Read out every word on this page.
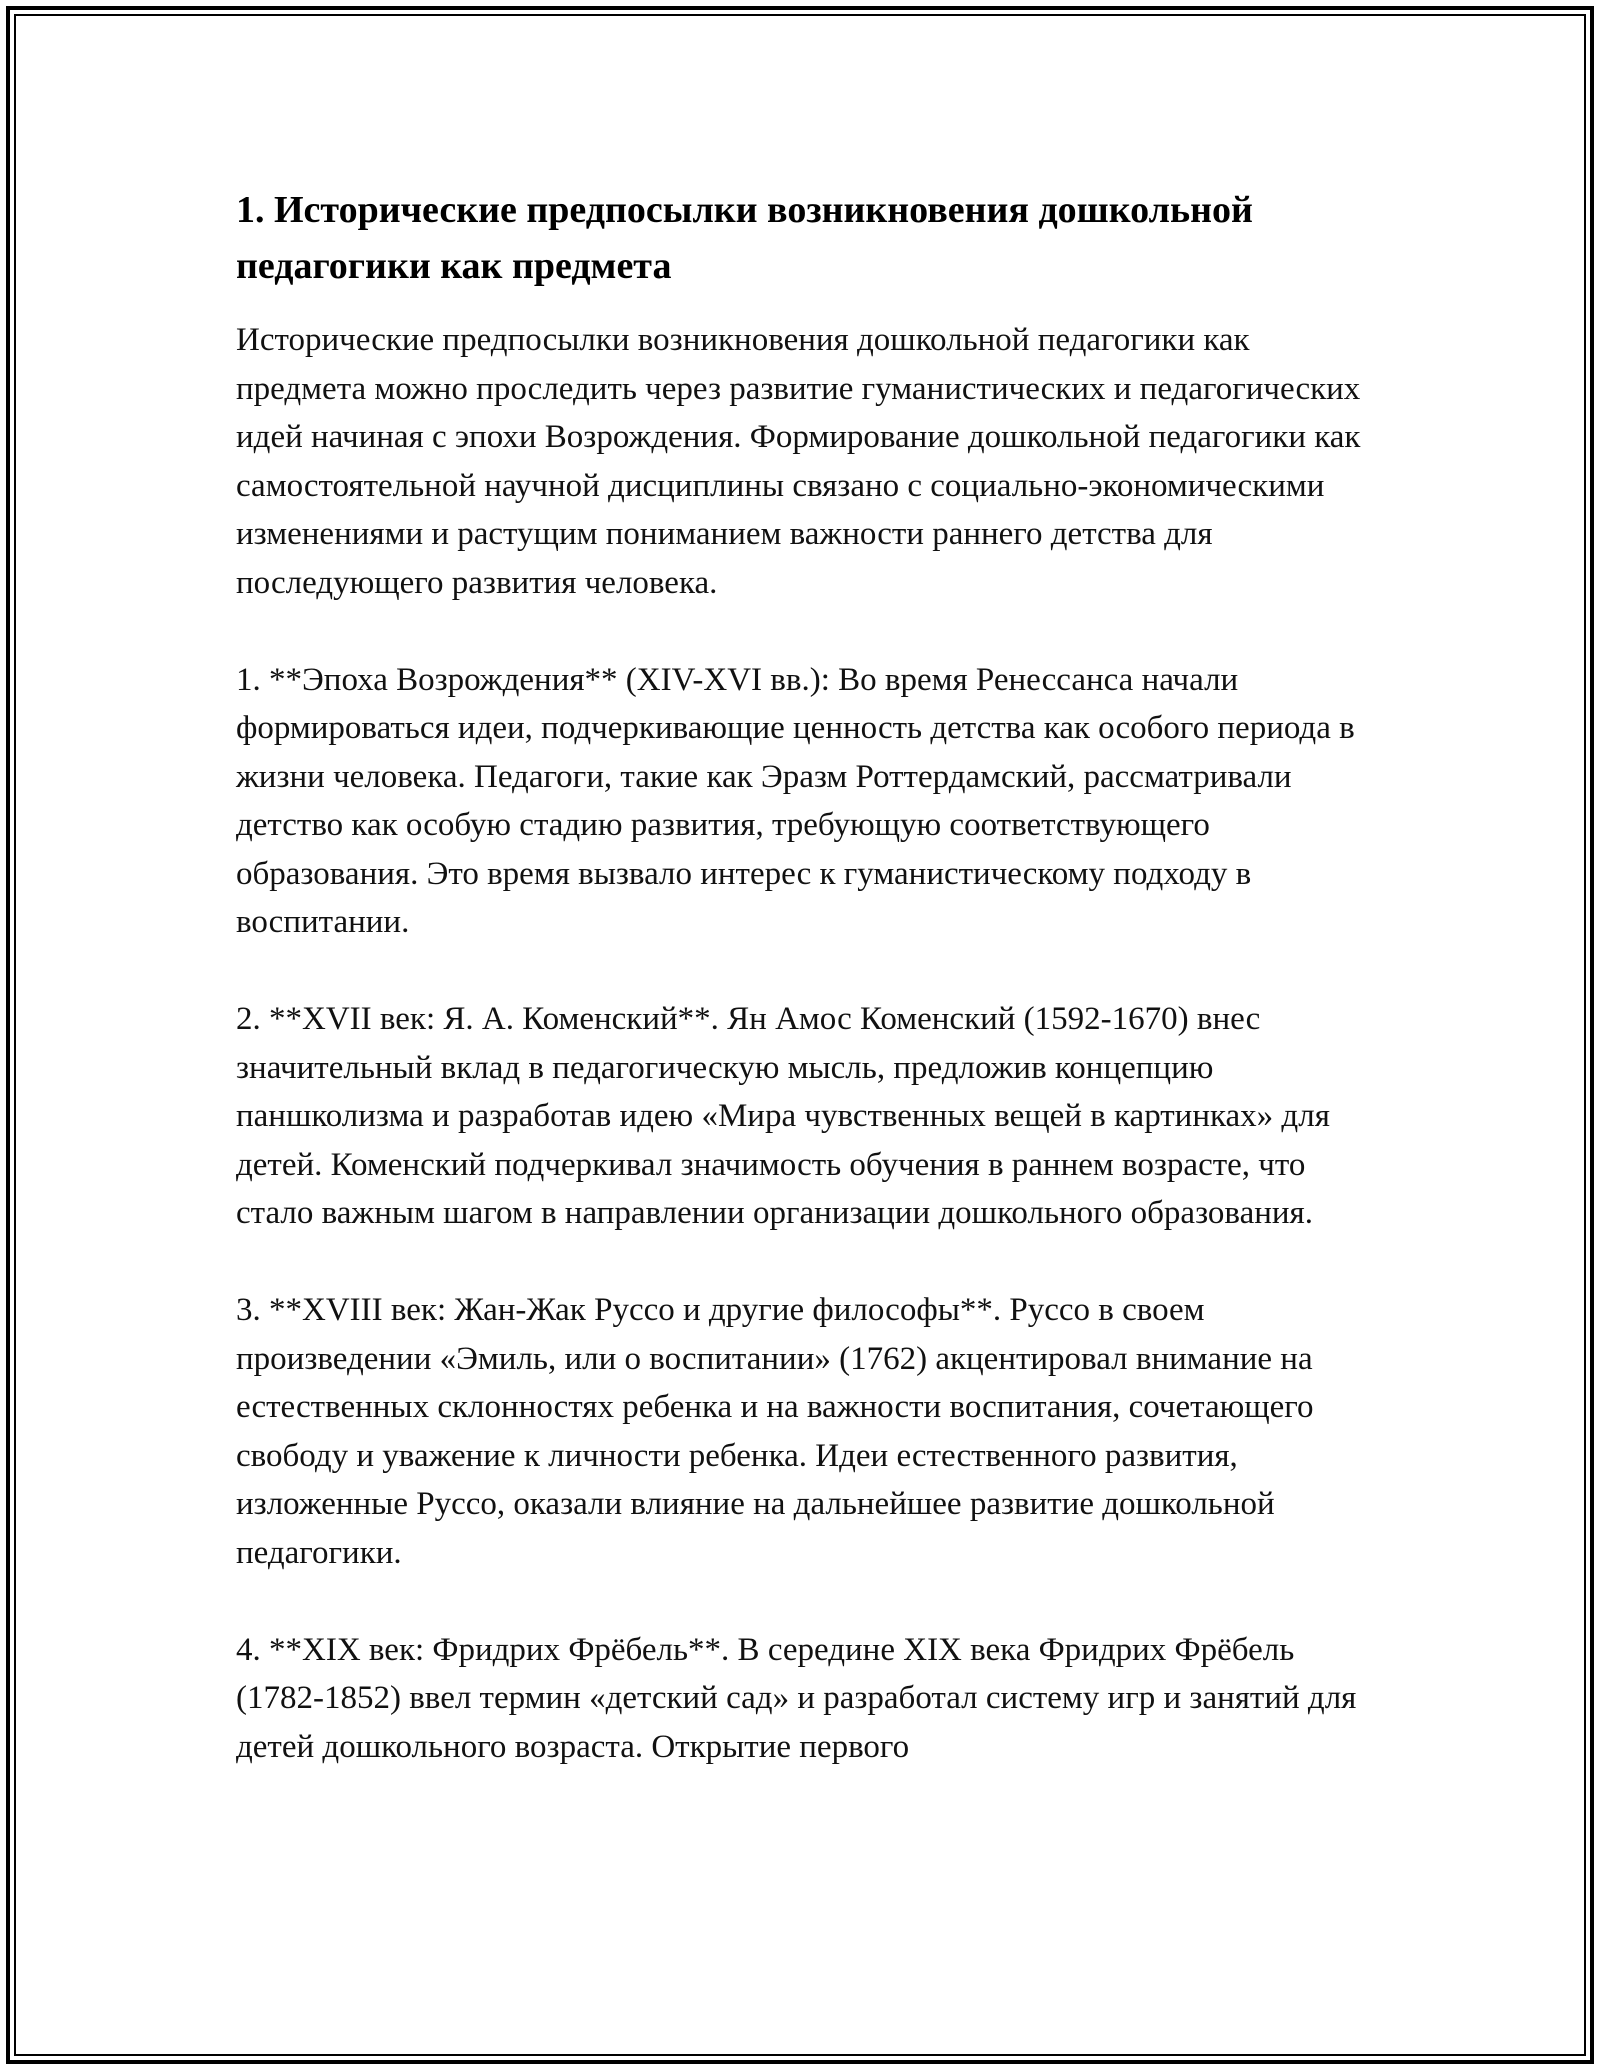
1. Исторические предпосылки возникновения дошкольной педагогики как предмета

Исторические предпосылки возникновения дошкольной педагогики как предмета можно проследить через развитие гуманистических и педагогических идей начиная с эпохи Возрождения. Формирование дошкольной педагогики как самостоятельной научной дисциплины связано с социально-экономическими изменениями и растущим пониманием важности раннего детства для последующего развития человека.

1. **Эпоха Возрождения** (XIV-XVI вв.): Во время Ренессанса начали формироваться идеи, подчеркивающие ценность детства как особого периода в жизни человека. Педагоги, такие как Эразм Роттердамский, рассматривали детство как особую стадию развития, требующую соответствующего образования. Это время вызвало интерес к гуманистическому подходу в воспитании.

2. **XVII век: Я. А. Коменский**. Ян Амос Коменский (1592-1670) внес значительный вклад в педагогическую мысль, предложив концепцию паншколизма и разработав идею «Мира чувственных вещей в картинках» для детей. Коменский подчеркивал значимость обучения в раннем возрасте, что стало важным шагом в направлении организации дошкольного образования.

3. **XVIII век: Жан-Жак Руссо и другие философы**. Руссо в своем произведении «Эмиль, или о воспитании» (1762) акцентировал внимание на естественных склонностях ребенка и на важности воспитания, сочетающего свободу и уважение к личности ребенка. Идеи естественного развития, изложенные Руссо, оказали влияние на дальнейшее развитие дошкольной педагогики.

4. **XIX век: Фридрих Фрёбель**. В середине XIX века Фридрих Фрёбель (1782-1852) ввел термин «детский сад» и разработал систему игр и занятий для детей дошкольного возраста. Открытие первого
